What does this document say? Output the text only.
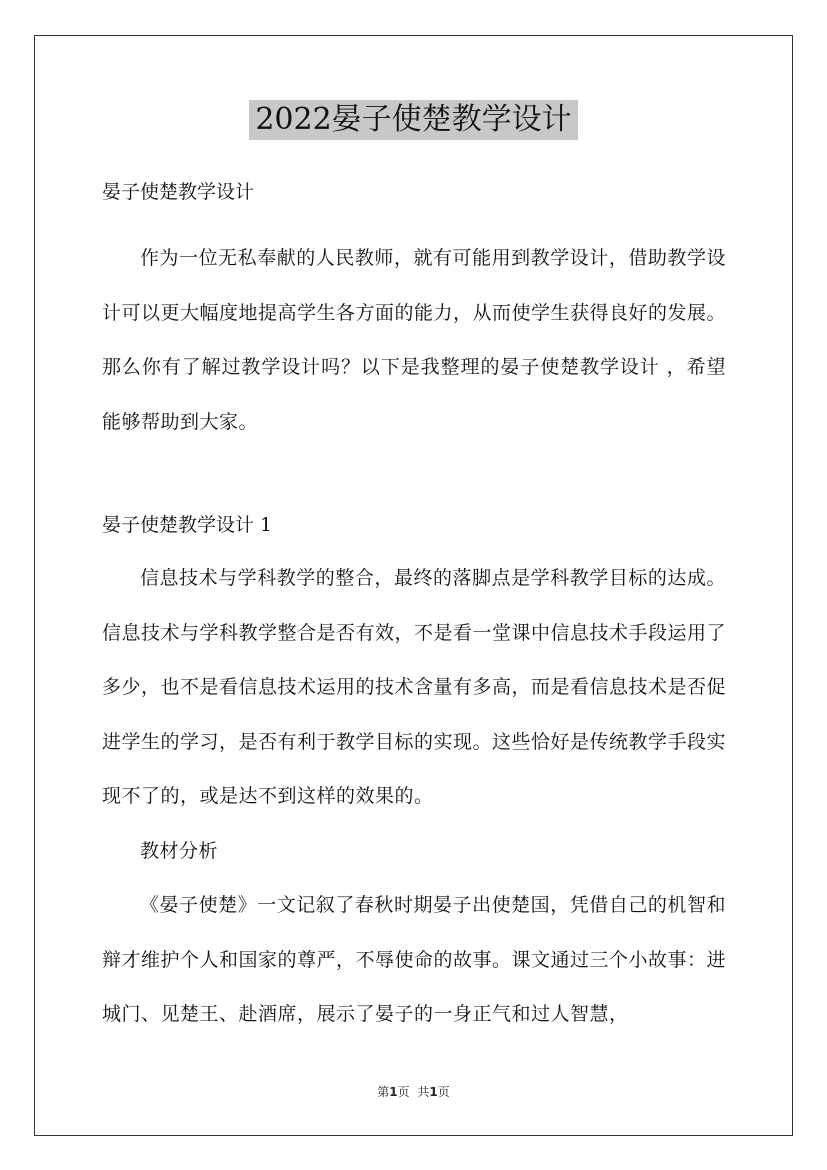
2022晏子使楚教学设计

晏子使楚教学设计

作为一位无私奉献的人民教师，就有可能用到教学设计，借助教学设计可以更大幅度地提高学生各方面的能力，从而使学生获得良好的发展。那么你有了解过教学设计吗？以下是我整理的晏子使楚教学设计 ，希望能够帮助到大家。

晏子使楚教学设计 1

信息技术与学科教学的整合，最终的落脚点是学科教学目标的达成。信息技术与学科教学整合是否有效，不是看一堂课中信息技术手段运用了多少，也不是看信息技术运用的技术含量有多高，而是看信息技术是否促进学生的学习，是否有利于教学目标的实现。这些恰好是传统教学手段实现不了的，或是达不到这样的效果的。

教材分析

《晏子使楚》一文记叙了春秋时期晏子出使楚国，凭借自己的机智和辩才维护个人和国家的尊严，不辱使命的故事。课文通过三个小故事：进城门、见楚王、赴酒席，展示了晏子的一身正气和过人智慧，

第1页 共1页
